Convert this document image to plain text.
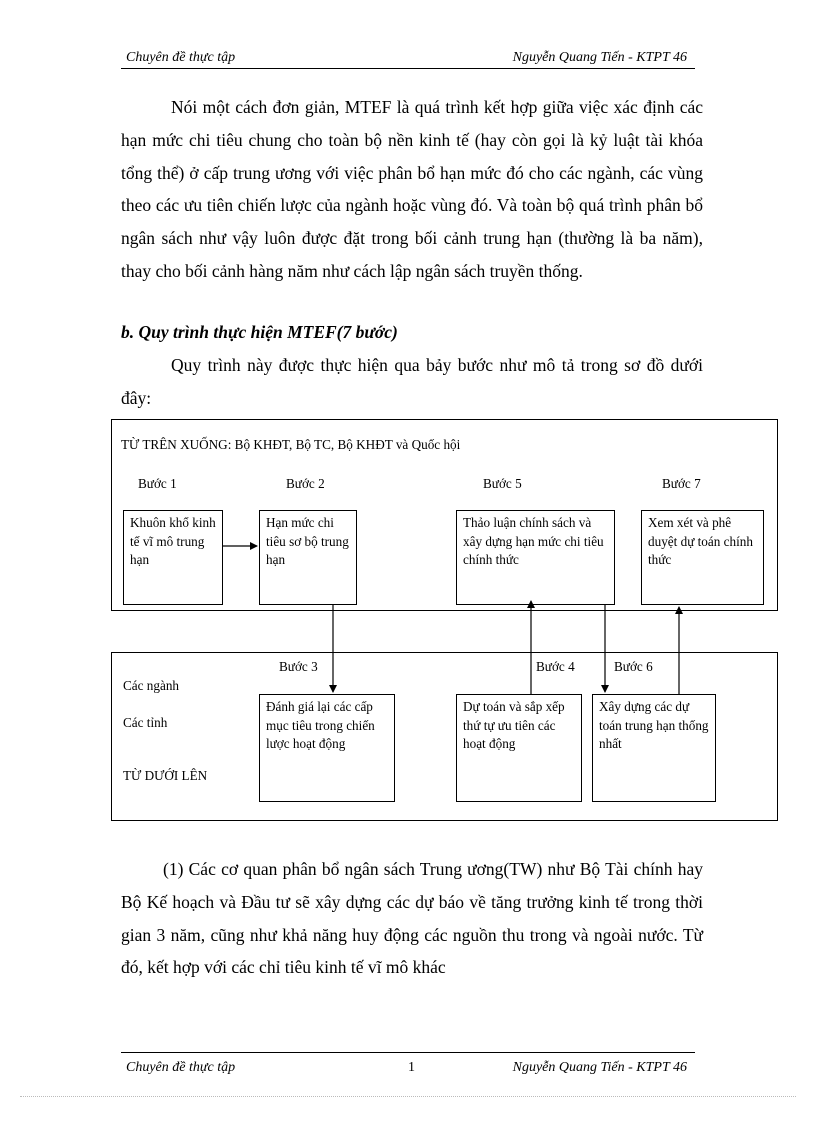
Chuyên đề thực tập	Nguyễn Quang Tiến - KTPT 46

Nói một cách đơn giản, MTEF là quá trình kết hợp giữa việc xác định các hạn mức chi tiêu chung cho toàn bộ nền kinh tế (hay còn gọi là kỷ luật tài khóa tổng thể) ở cấp trung ương với việc phân bổ hạn mức đó cho các ngành, các vùng theo các ưu tiên chiến lược của ngành hoặc vùng đó. Và toàn bộ quá trình phân bổ ngân sách như vậy luôn được đặt trong bối cảnh trung hạn (thường là ba năm), thay cho bối cảnh hàng năm như cách lập ngân sách truyền thống.

b. Quy trình thực hiện MTEF(7 bước)

Quy trình này được thực hiện qua bảy bước như mô tả trong sơ đồ dưới đây:

TỪ TRÊN XUỐNG: Bộ KHĐT, Bộ TC, Bộ KHĐT và Quốc hội
Bước 1	Bước 2	Bước 5	Bước 7
Khuôn khổ kinh tế vĩ mô trung hạn
Hạn mức chi tiêu sơ bộ trung hạn
Thảo luận chính sách và xây dựng hạn mức chi tiêu chính thức
Xem xét và phê duyệt dự toán chính thức
Bước 3	Bước 4	Bước 6
Các ngành
Các tỉnh
TỪ DƯỚI LÊN
Đánh giá lại các cấp mục tiêu trong chiến lược hoạt động
Dự toán và sắp xếp thứ tự ưu tiên các hoạt động
Xây dựng các dự toán trung hạn thống nhất

(1) Các cơ quan phân bổ ngân sách Trung ương(TW) như Bộ Tài chính hay Bộ Kế hoạch và Đầu tư sẽ xây dựng các dự báo về tăng trưởng kinh tế trong thời gian 3 năm, cũng như khả năng huy động các nguồn thu trong và ngoài nước. Từ đó, kết hợp với các chỉ tiêu kinh tế vĩ mô khác

Chuyên đề thực tập	1	Nguyễn Quang Tiến - KTPT 46
